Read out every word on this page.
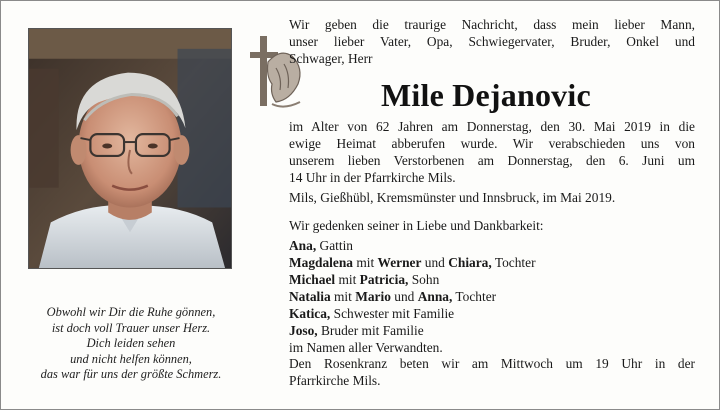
Obwohl wir Dir die Ruhe gönnen,
ist doch voll Trauer unser Herz.
Dich leiden sehen
und nicht helfen können,
das war für uns der größte Schmerz.
Wir geben die traurige Nachricht, dass mein lieber Mann,
unser lieber Vater, Opa, Schwiegervater, Bruder, Onkel und
Schwager, Herr
Mile Dejanovic
im Alter von 62 Jahren am Donnerstag, den 30. Mai 2019 in die
ewige Heimat abberufen wurde. Wir verabschieden uns von
unserem lieben Verstorbenen am Donnerstag, den 6. Juni um
14 Uhr in der Pfarrkirche Mils.
Mils, Gießhübl, Kremsmünster und Innsbruck, im Mai 2019.
Wir gedenken seiner in Liebe und Dankbarkeit:
Ana, Gattin
Magdalena mit Werner und Chiara, Tochter
Michael mit Patricia, Sohn
Natalia mit Mario und Anna, Tochter
Katica, Schwester mit Familie
Joso, Bruder mit Familie
im Namen aller Verwandten.
Den Rosenkranz beten wir am Mittwoch um 19 Uhr in der
Pfarrkirche Mils.
